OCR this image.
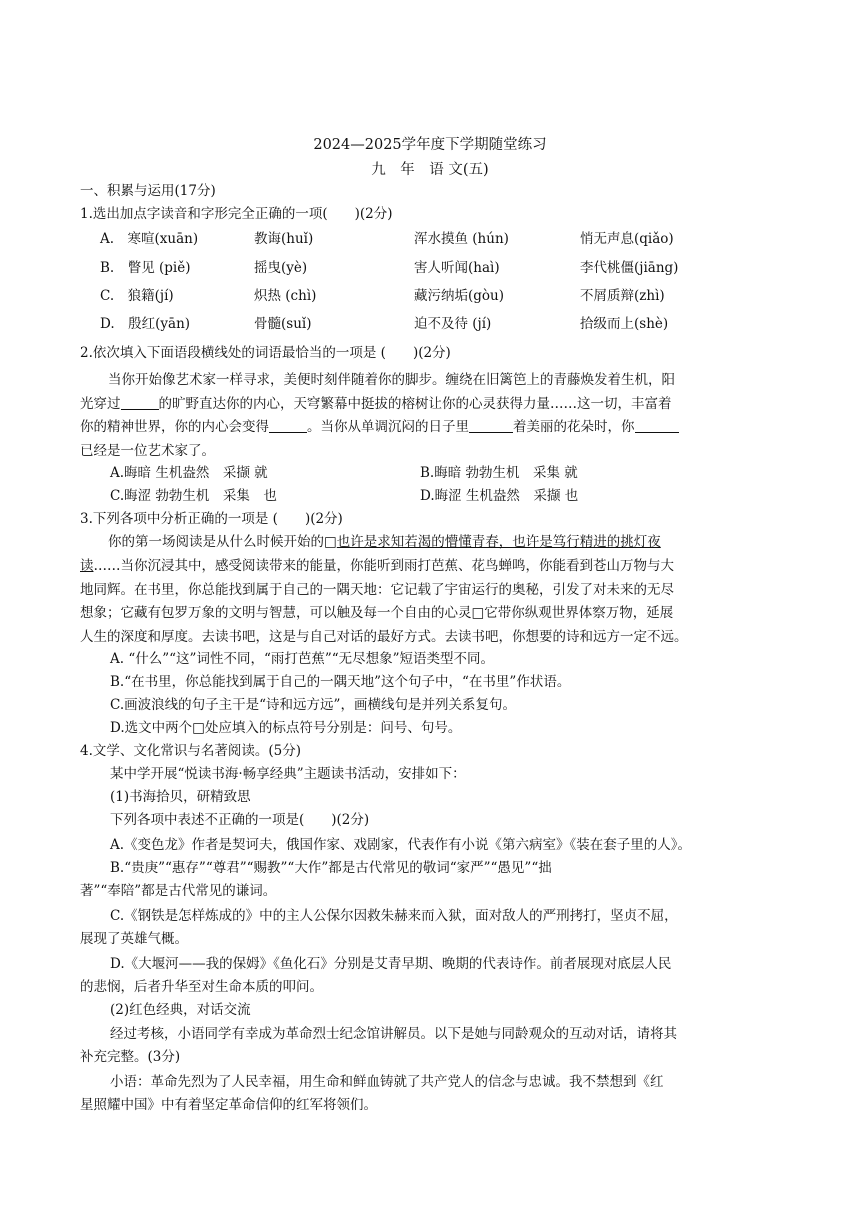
2024—2025学年度下学期随堂练习
九　年　语 文(五)
一、积累与运用(17分)
1.选出加点字读音和字形完全正确的一项(　　)(2分)
A.　寒喧(xuān)	教诲(huǐ)	浑水摸鱼 (hún)	悄无声息(qiǎo)
B.　瞥见 (piě)	摇曳(yè)	害人听闻(haì)	李代桃僵(jiāng)
C.　狼籍(jí)	炽热 (chì)	藏污纳垢(gòu)	不屑质辩(zhì)
D.　殷红(yān)	骨髓(suǐ)	迫不及待 (jí)	拾级而上(shè)
2.依次填入下面语段横线处的词语最恰当的一项是 (　　)(2分)
当你开始像艺术家一样寻求，美便时刻伴随着你的脚步。缠绕在旧篱笆上的青藤焕发着生机，阳
光穿过	的旷野直达你的内心，天穹繁幕中挺拔的榕树让你的心灵获得力量……这一切，丰富着
你的精神世界，你的内心会变得	。当你从单调沉闷的日子里	着美丽的花朵时，你
已经是一位艺术家了。
A.晦暗 生机盎然　采撷 就	B.晦暗 勃勃生机　采集 就
C.晦涩 勃勃生机　采集　也	D.晦涩 生机盎然　采撷 也
3.下列各项中分析正确的一项是 (　　)(2分)
你的第一场阅读是从什么时候开始的□也许是求知若渴的懵懂青春，也许是笃行精进的挑灯夜
读……当你沉浸其中，感受阅读带来的能量，你能听到雨打芭蕉、花鸟蝉鸣，你能看到苍山万物与大
地同辉。在书里，你总能找到属于自己的一隅天地：它记载了宇宙运行的奥秘，引发了对未来的无尽
想象；它藏有包罗万象的文明与智慧，可以触及每一个自由的心灵□它带你纵观世界体察万物，延展
人生的深度和厚度。去读书吧，这是与自己对话的最好方式。去读书吧，你想要的诗和远方一定不远。
A. “什么”“这”词性不同，“雨打芭蕉”“无尽想象”短语类型不同。
B.“在书里，你总能找到属于自己的一隅天地”这个句子中，“在书里”作状语。
C.画波浪线的句子主干是“诗和远方远”，画横线句是并列关系复句。
D.选文中两个□处应填入的标点符号分别是：问号、句号。
4.文学、文化常识与名著阅读。(5分)
某中学开展“悦读书海·畅享经典”主题读书活动，安排如下：
(1)书海拾贝，研精致思
下列各项中表述不正确的一项是(　　)(2分)
A.《变色龙》作者是契诃夫，俄国作家、戏剧家，代表作有小说《第六病室》《装在套子里的人》。
B.“贵庚”“惠存”“尊君”“赐教”“大作”都是古代常见的敬词“家严”“愚见”“拙
著”“奉陪”都是古代常见的谦词。
C.《钢铁是怎样炼成的》中的主人公保尔因救朱赫来而入狱，面对敌人的严刑拷打，坚贞不屈，
展现了英雄气概。
D.《大堰河——我的保姆》《鱼化石》分别是艾青早期、晚期的代表诗作。前者展现对底层人民
的悲悯，后者升华至对生命本质的叩问。
(2)红色经典，对话交流
经过考核，小语同学有幸成为革命烈士纪念馆讲解员。以下是她与同龄观众的互动对话，请将其
补充完整。(3分)
小语：革命先烈为了人民幸福，用生命和鲜血铸就了共产党人的信念与忠诚。我不禁想到《红
星照耀中国》中有着坚定革命信仰的红军将领们。
